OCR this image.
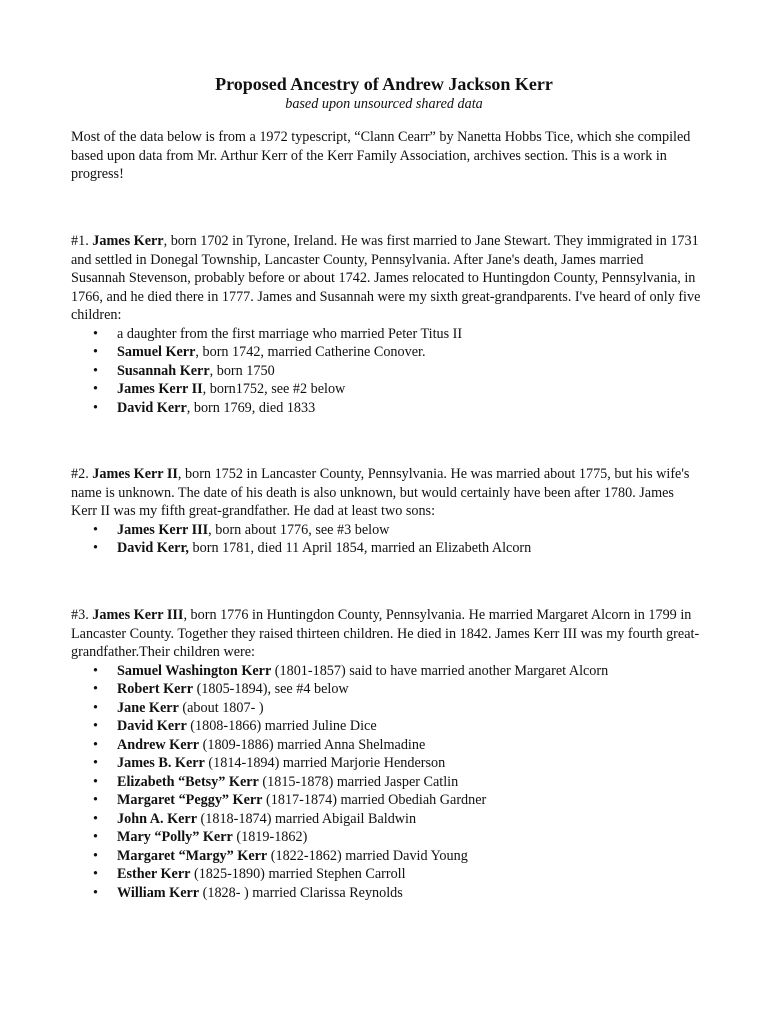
Proposed Ancestry of Andrew Jackson Kerr
based upon unsourced shared data

Most of the data below is from a 1972 typescript, “Clann Cearr” by Nanetta Hobbs Tice, which she compiled based upon data from Mr. Arthur Kerr of the Kerr Family Association, archives section. This is a work in progress!

#1. James Kerr, born 1702 in Tyrone, Ireland. He was first married to Jane Stewart. They immigrated in 1731 and settled in Donegal Township, Lancaster County, Pennsylvania. After Jane's death, James married Susannah Stevenson, probably before or about 1742. James relocated to Huntingdon County, Pennsylvania, in 1766, and he died there in 1777. James and Susannah were my sixth great-grandparents. I've heard of only five children:

• a daughter from the first marriage who married Peter Titus II
• Samuel Kerr, born 1742, married Catherine Conover.
• Susannah Kerr, born 1750
• James Kerr II, born1752, see #2 below
• David Kerr, born 1769, died 1833

#2. James Kerr II, born 1752 in Lancaster County, Pennsylvania. He was married about 1775, but his wife's name is unknown. The date of his death is also unknown, but would certainly have been after 1780. James Kerr II was my fifth great-grandfather. He dad at least two sons:

• James Kerr III, born about 1776, see #3 below
• David Kerr, born 1781, died 11 April 1854, married an Elizabeth Alcorn

#3. James Kerr III, born 1776 in Huntingdon County, Pennsylvania. He married Margaret Alcorn in 1799 in Lancaster County. Together they raised thirteen children. He died in 1842. James Kerr III was my fourth great-grandfather.Their children were:

• Samuel Washington Kerr (1801-1857) said to have married another Margaret Alcorn
• Robert Kerr (1805-1894), see #4 below
• Jane Kerr (about 1807- )
• David Kerr (1808-1866) married Juline Dice
• Andrew Kerr (1809-1886) married Anna Shelmadine
• James B. Kerr (1814-1894) married Marjorie Henderson
• Elizabeth “Betsy” Kerr (1815-1878) married Jasper Catlin
• Margaret “Peggy” Kerr (1817-1874) married Obediah Gardner
• John A. Kerr (1818-1874) married Abigail Baldwin
• Mary “Polly” Kerr (1819-1862)
• Margaret “Margy” Kerr (1822-1862) married David Young
• Esther Kerr (1825-1890) married Stephen Carroll
• William Kerr (1828- ) married Clarissa Reynolds
